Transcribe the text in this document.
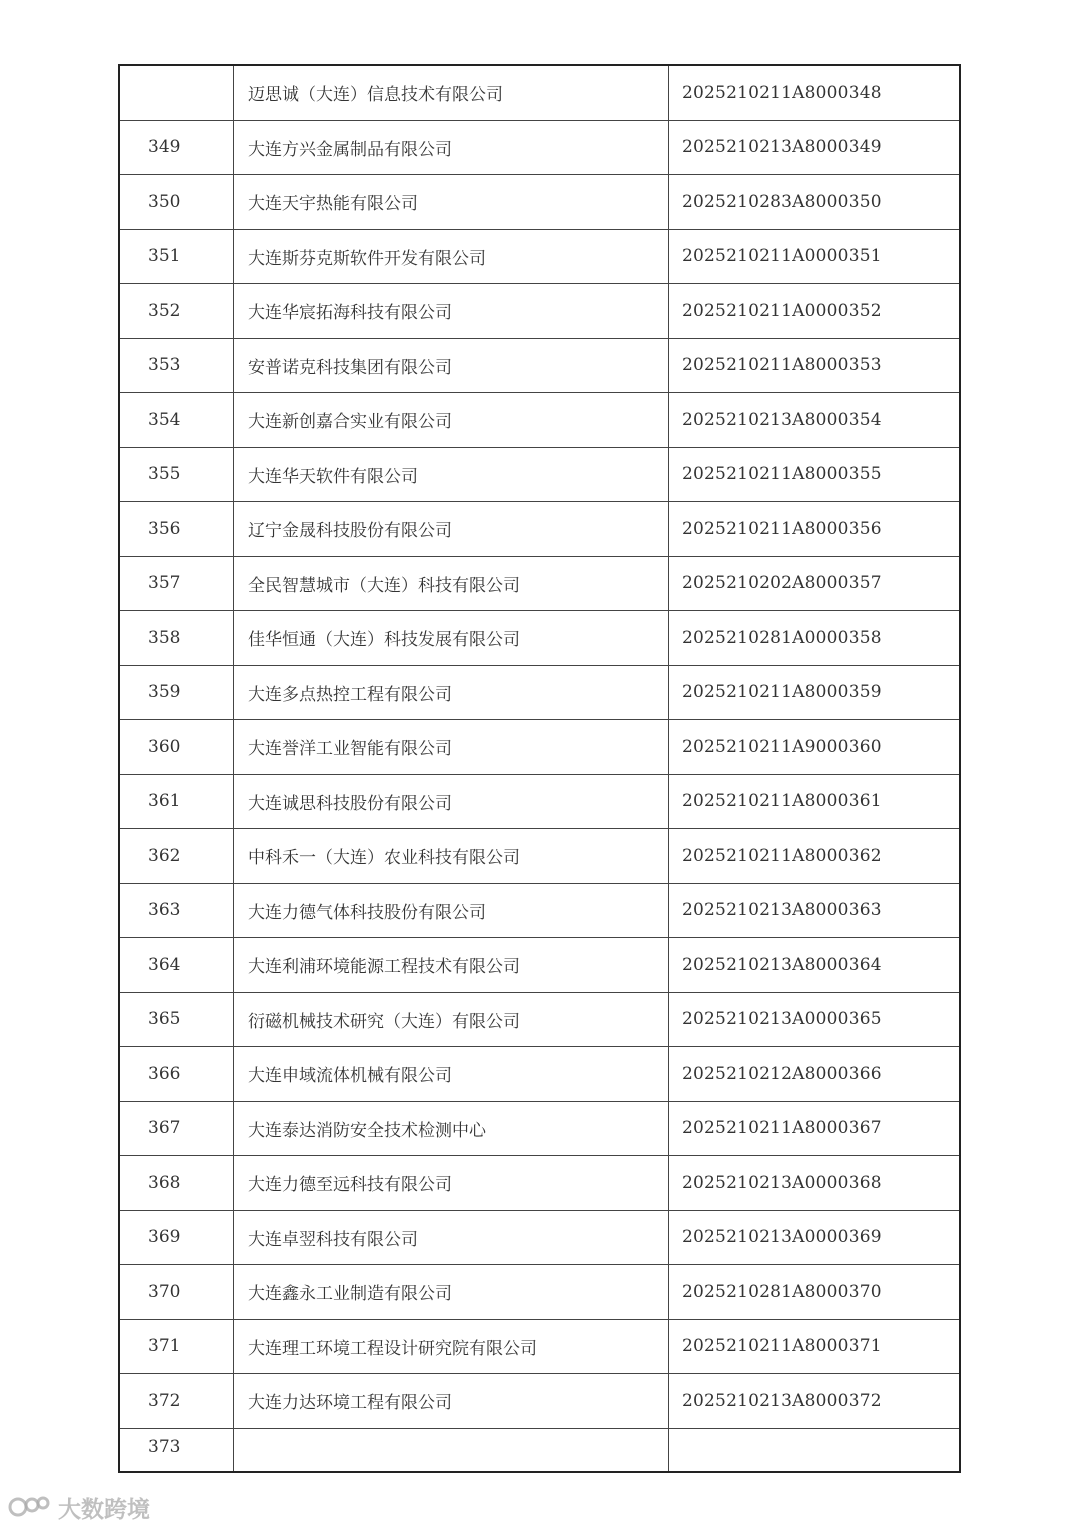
	迈思诚（大连）信息技术有限公司	2025210211A8000348
349	大连方兴金属制品有限公司	2025210213A8000349
350	大连天宇热能有限公司	2025210283A8000350
351	大连斯芬克斯软件开发有限公司	2025210211A0000351
352	大连华宸拓海科技有限公司	2025210211A0000352
353	安普诺克科技集团有限公司	2025210211A8000353
354	大连新创嘉合实业有限公司	2025210213A8000354
355	大连华天软件有限公司	2025210211A8000355
356	辽宁金晟科技股份有限公司	2025210211A8000356
357	全民智慧城市（大连）科技有限公司	2025210202A8000357
358	佳华恒通（大连）科技发展有限公司	2025210281A0000358
359	大连多点热控工程有限公司	2025210211A8000359
360	大连誉洋工业智能有限公司	2025210211A9000360
361	大连诚思科技股份有限公司	2025210211A8000361
362	中科禾一（大连）农业科技有限公司	2025210211A8000362
363	大连力德气体科技股份有限公司	2025210213A8000363
364	大连利浦环境能源工程技术有限公司	2025210213A8000364
365	衍磁机械技术研究（大连）有限公司	2025210213A0000365
366	大连申域流体机械有限公司	2025210212A8000366
367	大连泰达消防安全技术检测中心	2025210211A8000367
368	大连力德至远科技有限公司	2025210213A0000368
369	大连卓翌科技有限公司	2025210213A0000369
370	大连鑫永工业制造有限公司	2025210281A8000370
371	大连理工环境工程设计研究院有限公司	2025210211A8000371
372	大连力达环境工程有限公司	2025210213A8000372
373		
大数跨境
